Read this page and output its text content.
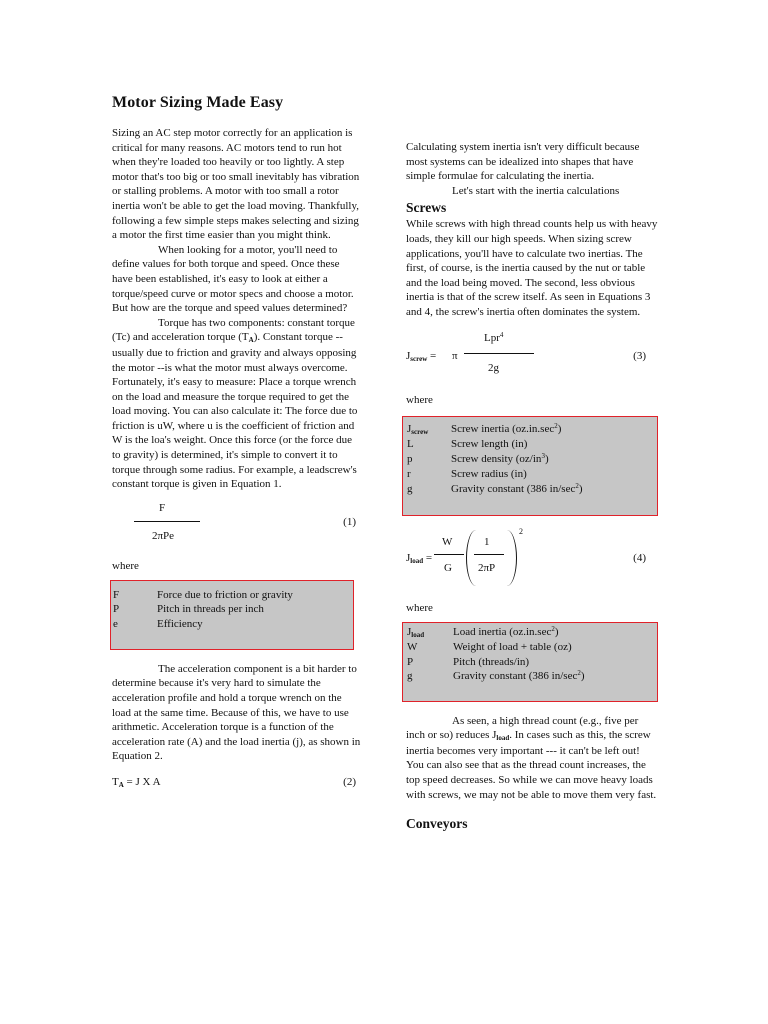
Motor Sizing Made Easy

Sizing an AC step motor correctly for an application is critical for many reasons. AC motors tend to run hot when they're loaded too heavily or too lightly. A step motor that's too big or too small inevitably has vibration or stalling problems. A motor with too small a rotor inertia won't be able to get the load moving. Thankfully, following a few simple steps makes selecting and sizing a motor the first time easier than you might think.

When looking for a motor, you'll need to define values for both torque and speed. Once these have been established, it's easy to look at either a torque/speed curve or motor specs and choose a motor. But how are the torque and speed values determined?

Torque has two components: constant torque (Tc) and acceleration torque (TA). Constant torque -- usually due to friction and gravity and always opposing the motor --is what the motor must always overcome. Fortunately, it's easy to measure: Place a torque wrench on the load and measure the torque required to get the load moving. You can also calculate it: The force due to friction is uW, where u is the coefficient of friction and W is the loa's weight. Once this force (or the force due to gravity) is determined, it's simple to convert it to torque through some radius. For example, a leadscrew's constant torque is given in Equation 1.

F
2πPe
(1)
where
F	Force due to friction or gravity
P	Pitch in threads per inch
e	Efficiency

The acceleration component is a bit harder to determine because it's very hard to simulate the acceleration profile and hold a torque wrench on the load at the same time. Because of this, we have to use arithmetic. Acceleration torque is a function of the acceleration rate (A) and the load inertia (j), as shown in Equation 2.

TA = J X A	(2)

Calculating system inertia isn't very difficult because most systems can be idealized into shapes that have simple formulae for calculating the inertia.

Let's start with the inertia calculations

Screws

While screws with high thread counts help us with heavy loads, they kill our high speeds. When sizing screw applications, you'll have to calculate two inertias. The first, of course, is the inertia caused by the nut or table and the load being moved. The second, less obvious inertia is that of the screw itself. As seen in Equations 3 and 4, the screw's inertia often dominates the system.

Jscrew = π
Lpr$^4$
2g
(3)
where
Jscrew	Screw inertia $(oz.in.\sec^2)$
L	Screw length (in)
p	Screw density $(oz/in^3)$
r	Screw radius (in)
g	Gravity constant (386 $in/\sec^2$)
Jload =
W
G
1
2πP
2
(4)
where
Jload	Load inertia $(oz.in.\sec^2)$
W	Weight of load + table (oz)
P	Pitch (threads/in)
g	Gravity constant (386 $in/\sec^2$)

As seen, a high thread count (e.g., five per inch or so) reduces Jload. In cases such as this, the screw inertia becomes very important --- it can't be left out! You can also see that as the thread count increases, the top speed decreases. So while we can move heavy loads with screws, we may not be able to move them very fast.

Conveyors
